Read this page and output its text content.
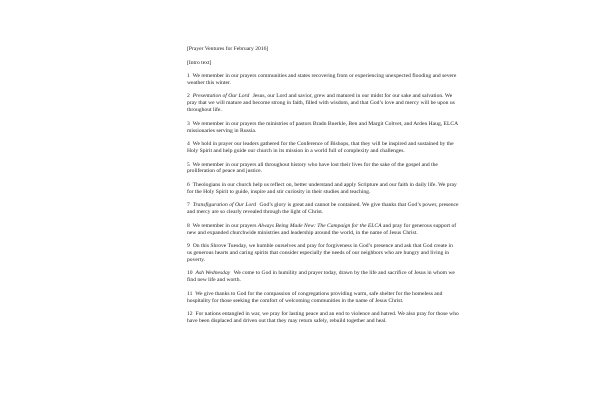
[Prayer Ventures for February 2016]

[Intro text]

1 We remember in our prayers communities and states recovering from or experiencing unexpected flooding and severe weather this winter.

2 Presentation of Our Lord Jesus, our Lord and savior, grew and matured in our midst for our sake and salvation. We pray that we will mature and become strong in faith, filled with wisdom, and that God’s love and mercy will be upon us throughout life.

3 We remember in our prayers the ministries of pastors Bradn Buerkle, Ben and Margit Coltvet, and Arden Haug, ELCA missionaries serving in Russia.

4 We hold in prayer our leaders gathered for the Conference of Bishops, that they will be inspired and sustained by the Holy Spirit and help guide our church in its mission in a world full of complexity and challenges.

5 We remember in our prayers all throughout history who have lost their lives for the sake of the gospel and the proliferation of peace and justice.

6 Theologians in our church help us reflect on, better understand and apply Scripture and our faith in daily life. We pray for the Holy Spirit to guide, inspire and stir curiosity in their studies and teaching.

7 Transfiguration of Our Lord God’s glory is great and cannot be contained. We give thanks that God’s power, presence and mercy are so clearly revealed through the light of Christ.

8 We remember in our prayers Always Being Made New: The Campaign for the ELCA and pray for generous support of new and expanded churchwide ministries and leadership around the world, in the name of Jesus Christ.

9 On this Shrove Tuesday, we humble ourselves and pray for forgiveness in God’s presence and ask that God create in us generous hearts and caring spirits that consider especially the needs of our neighbors who are hungry and living in poverty.

10 Ash Wednesday We come to God in humility and prayer today, drawn by the life and sacrifice of Jesus in whom we find new life and worth.

11 We give thanks to God for the compassion of congregations providing warm, safe shelter for the homeless and hospitality for those seeking the comfort of welcoming communities in the name of Jesus Christ.

12 For nations entangled in war, we pray for lasting peace and an end to violence and hatred. We also pray for those who have been displaced and driven out that they may return safely, rebuild together and heal.
